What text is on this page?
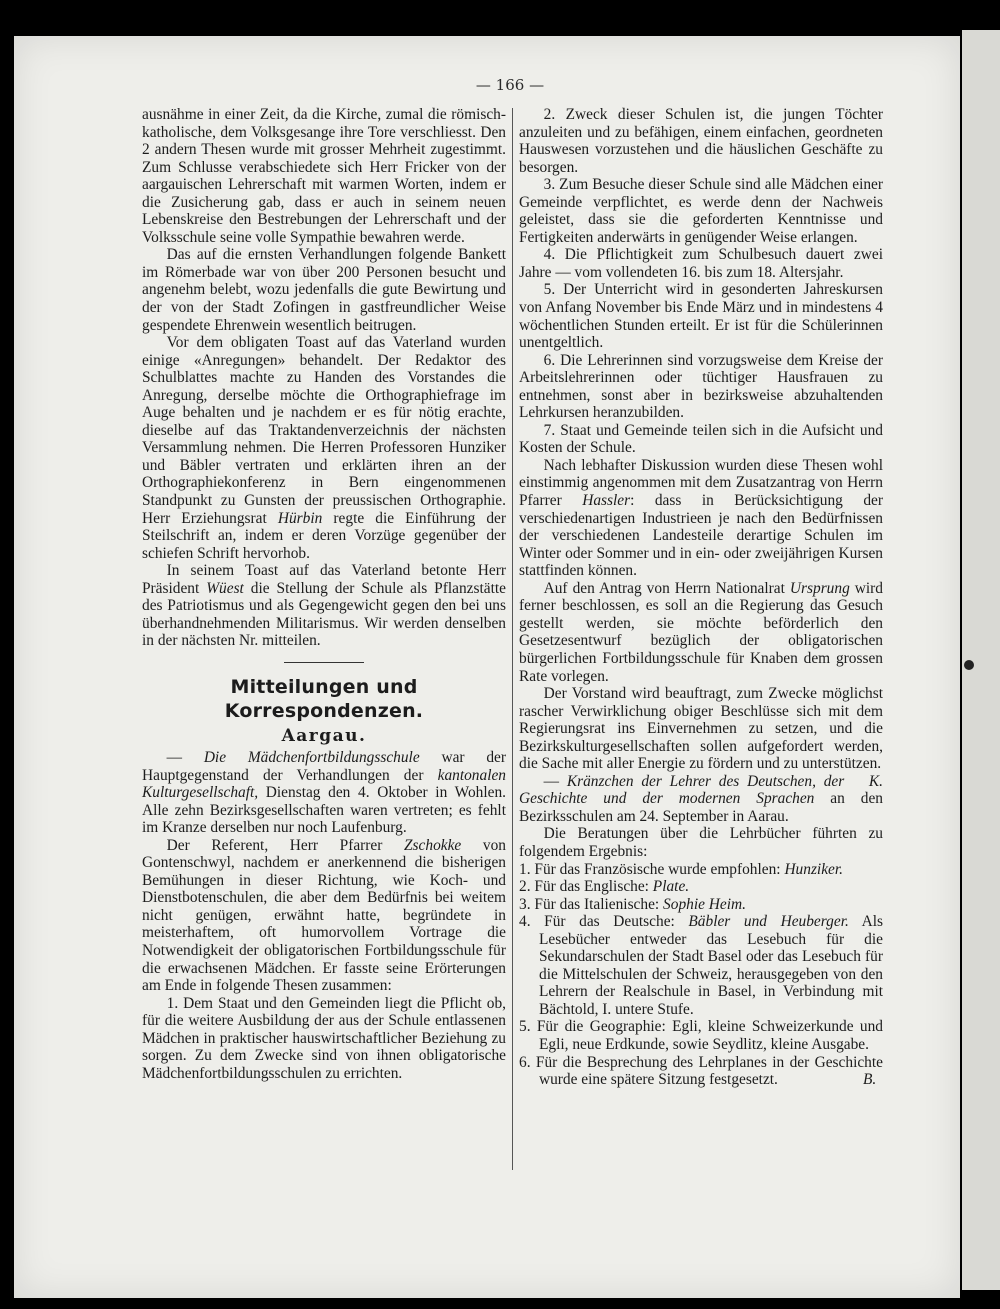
— 166 —

ausnähme in einer Zeit, da die Kirche, zumal die römisch-katholische, dem Volksgesange ihre Tore verschliesst. Den 2 andern Thesen wurde mit grosser Mehrheit zugestimmt. Zum Schlusse verabschiedete sich Herr Fricker von der aargauischen Lehrerschaft mit warmen Worten, indem er die Zusicherung gab, dass er auch in seinem neuen Lebenskreise den Bestrebungen der Lehrerschaft und der Volksschule seine volle Sympathie bewahren werde.

Das auf die ernsten Verhandlungen folgende Bankett im Römerbade war von über 200 Personen besucht und angenehm belebt, wozu jedenfalls die gute Bewirtung und der von der Stadt Zofingen in gastfreundlicher Weise gespendete Ehrenwein wesentlich beitrugen.

Vor dem obligaten Toast auf das Vaterland wurden einige «Anregungen» behandelt. Der Redaktor des Schulblattes machte zu Handen des Vorstandes die Anregung, derselbe möchte die Orthographiefrage im Auge behalten und je nachdem er es für nötig erachte, dieselbe auf das Traktandenverzeichnis der nächsten Versammlung nehmen. Die Herren Professoren Hunziker und Bäbler vertraten und erklärten ihren an der Orthographiekonferenz in Bern eingenommenen Standpunkt zu Gunsten der preussischen Orthographie. Herr Erziehungsrat Hürbin regte die Einführung der Steilschrift an, indem er deren Vorzüge gegenüber der schiefen Schrift hervorhob.

In seinem Toast auf das Vaterland betonte Herr Präsident Wüest die Stellung der Schule als Pflanzstätte des Patriotismus und als Gegengewicht gegen den bei uns überhandnehmenden Militarismus. Wir werden denselben in der nächsten Nr. mitteilen.

Mitteilungen und Korrespondenzen.
Aargau.

— Die Mädchenfortbildungsschule war der Hauptgegenstand der Verhandlungen der kantonalen Kulturgesellschaft, Dienstag den 4. Oktober in Wohlen. Alle zehn Bezirksgesellschaften waren vertreten; es fehlt im Kranze derselben nur noch Laufenburg.

Der Referent, Herr Pfarrer Zschokke von Gontenschwyl, nachdem er anerkennend die bisherigen Bemühungen in dieser Richtung, wie Koch- und Dienstbotenschulen, die aber dem Bedürfnis bei weitem nicht genügen, erwähnt hatte, begründete in meisterhaftem, oft humorvollem Vortrage die Notwendigkeit der obligatorischen Fortbildungsschule für die erwachsenen Mädchen. Er fasste seine Erörterungen am Ende in folgende Thesen zusammen:

1. Dem Staat und den Gemeinden liegt die Pflicht ob, für die weitere Ausbildung der aus der Schule entlassenen Mädchen in praktischer hauswirtschaftlicher Beziehung zu sorgen. Zu dem Zwecke sind von ihnen obligatorische Mädchenfortbildungsschulen zu errichten.

2. Zweck dieser Schulen ist, die jungen Töchter anzuleiten und zu befähigen, einem einfachen, geordneten Hauswesen vorzustehen und die häuslichen Geschäfte zu besorgen.

3. Zum Besuche dieser Schule sind alle Mädchen einer Gemeinde verpflichtet, es werde denn der Nachweis geleistet, dass sie die geforderten Kenntnisse und Fertigkeiten anderwärts in genügender Weise erlangen.

4. Die Pflichtigkeit zum Schulbesuch dauert zwei Jahre — vom vollendeten 16. bis zum 18. Altersjahr.

5. Der Unterricht wird in gesonderten Jahreskursen von Anfang November bis Ende März und in mindestens 4 wöchentlichen Stunden erteilt. Er ist für die Schülerinnen unentgeltlich.

6. Die Lehrerinnen sind vorzugsweise dem Kreise der Arbeitslehrerinnen oder tüchtiger Hausfrauen zu entnehmen, sonst aber in bezirksweise abzuhaltenden Lehrkursen heranzubilden.

7. Staat und Gemeinde teilen sich in die Aufsicht und Kosten der Schule.

Nach lebhafter Diskussion wurden diese Thesen wohl einstimmig angenommen mit dem Zusatzantrag von Herrn Pfarrer Hassler: dass in Berücksichtigung der verschiedenartigen Industrieen je nach den Bedürfnissen der verschiedenen Landesteile derartige Schulen im Winter oder Sommer und in ein- oder zweijährigen Kursen stattfinden können.

Auf den Antrag von Herrn Nationalrat Ursprung wird ferner beschlossen, es soll an die Regierung das Gesuch gestellt werden, sie möchte beförderlich den Gesetzesentwurf bezüglich der obligatorischen bürgerlichen Fortbildungsschule für Knaben dem grossen Rate vorlegen.

Der Vorstand wird beauftragt, zum Zwecke möglichst rascher Verwirklichung obiger Beschlüsse sich mit dem Regierungsrat ins Einvernehmen zu setzen, und die Bezirkskulturgesellschaften sollen aufgefordert werden, die Sache mit aller Energie zu fördern und zu unterstützen.
K.

— Kränzchen der Lehrer des Deutschen, der Geschichte und der modernen Sprachen an den Bezirksschulen am 24. September in Aarau.

Die Beratungen über die Lehrbücher führten zu folgendem Ergebnis:

1. Für das Französische wurde empfohlen: Hunziker.

2. Für das Englische: Plate.

3. Für das Italienische: Sophie Heim.

4. Für das Deutsche: Bäbler und Heuberger. Als Lesebücher entweder das Lesebuch für die Sekundarschulen der Stadt Basel oder das Lesebuch für die Mittelschulen der Schweiz, herausgegeben von den Lehrern der Realschule in Basel, in Verbindung mit Bächtold, I. untere Stufe.

5. Für die Geographie: Egli, kleine Schweizerkunde und Egli, neue Erdkunde, sowie Seydlitz, kleine Ausgabe.

6. Für die Besprechung des Lehrplanes in der Geschichte wurde eine spätere Sitzung festgesetzt.	B.
